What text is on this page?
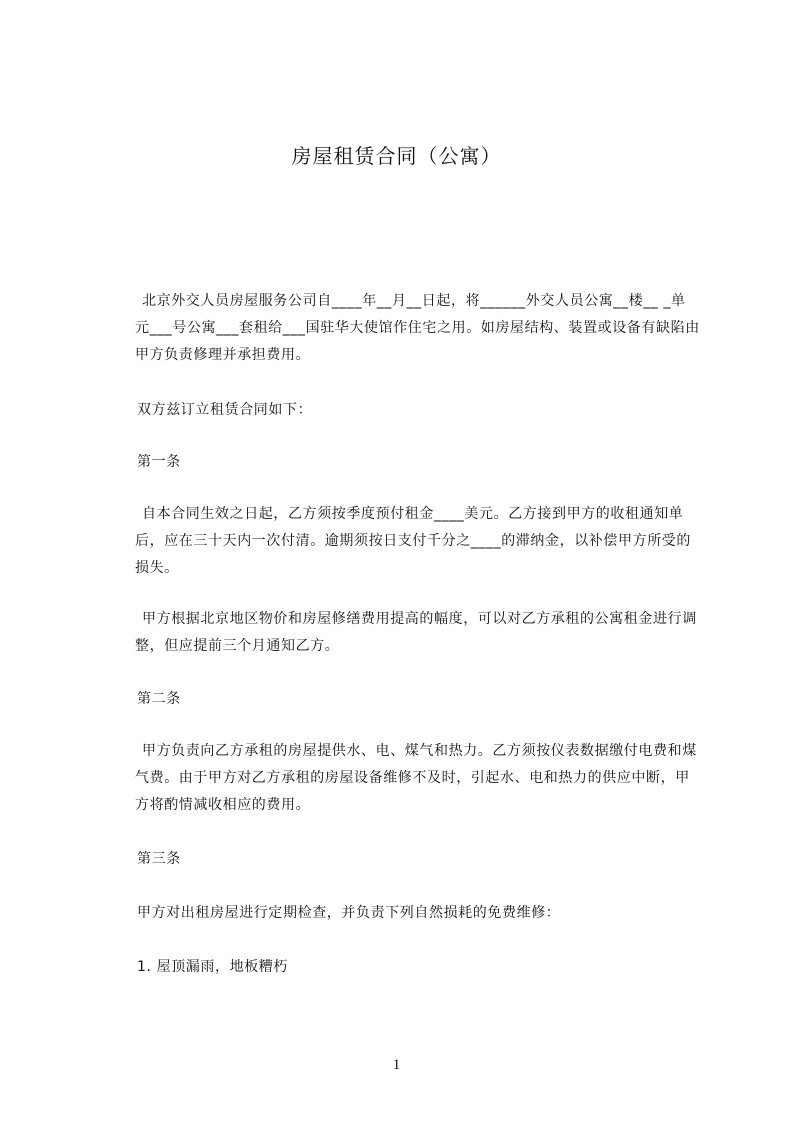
房屋租赁合同（公寓）

北京外交人员房屋服务公司自____年__月__日起，将______外交人员公寓__楼__ _单元___号公寓___套租给___国驻华大使馆作住宅之用。如房屋结构、装置或设备有缺陷由甲方负责修理并承担费用。

双方兹订立租赁合同如下：

第一条

自本合同生效之日起，乙方须按季度预付租金____美元。乙方接到甲方的收租通知单后，应在三十天内一次付清。逾期须按日支付千分之____的滞纳金，以补偿甲方所受的损失。

甲方根据北京地区物价和房屋修缮费用提高的幅度，可以对乙方承租的公寓租金进行调整，但应提前三个月通知乙方。

第二条

甲方负责向乙方承租的房屋提供水、电、煤气和热力。乙方须按仪表数据缴付电费和煤气费。由于甲方对乙方承租的房屋设备维修不及时，引起水、电和热力的供应中断，甲方将酌情减收相应的费用。

第三条

甲方对出租房屋进行定期检查，并负责下列自然损耗的免费维修：

1. 屋顶漏雨，地板糟朽

1
